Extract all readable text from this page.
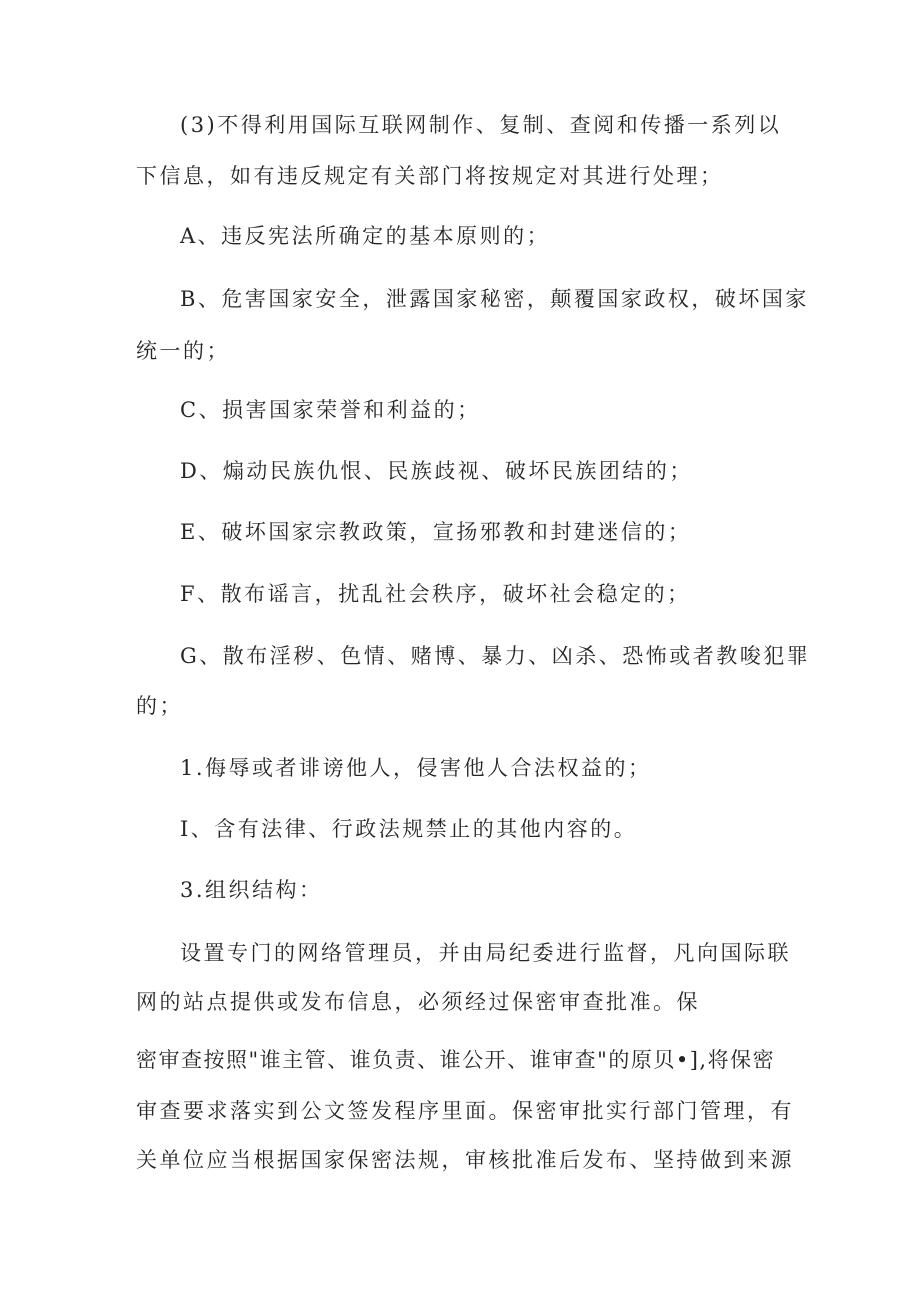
(3)不得利用国际互联网制作、复制、查阅和传播一系列以
下信息，如有违反规定有关部门将按规定对其进行处理；
A、违反宪法所确定的基本原则的；
B、危害国家安全，泄露国家秘密，颠覆国家政权，破坏国家
统一的；
C、损害国家荣誉和利益的；
D、煽动民族仇恨、民族歧视、破坏民族团结的；
E、破坏国家宗教政策，宣扬邪教和封建迷信的；
F、散布谣言，扰乱社会秩序，破坏社会稳定的；
G、散布淫秽、色情、赌博、暴力、凶杀、恐怖或者教唆犯罪
的；
1.侮辱或者诽谤他人，侵害他人合法权益的；
I、含有法律、行政法规禁止的其他内容的。
3.组织结构：
设置专门的网络管理员，并由局纪委进行监督，凡向国际联
网的站点提供或发布信息，必须经过保密审查批准。保
密审查按照"谁主管、谁负责、谁公开、谁审查"的原贝•],将保密
审查要求落实到公文签发程序里面。保密审批实行部门管理，有
关单位应当根据国家保密法规，审核批准后发布、坚持做到来源
